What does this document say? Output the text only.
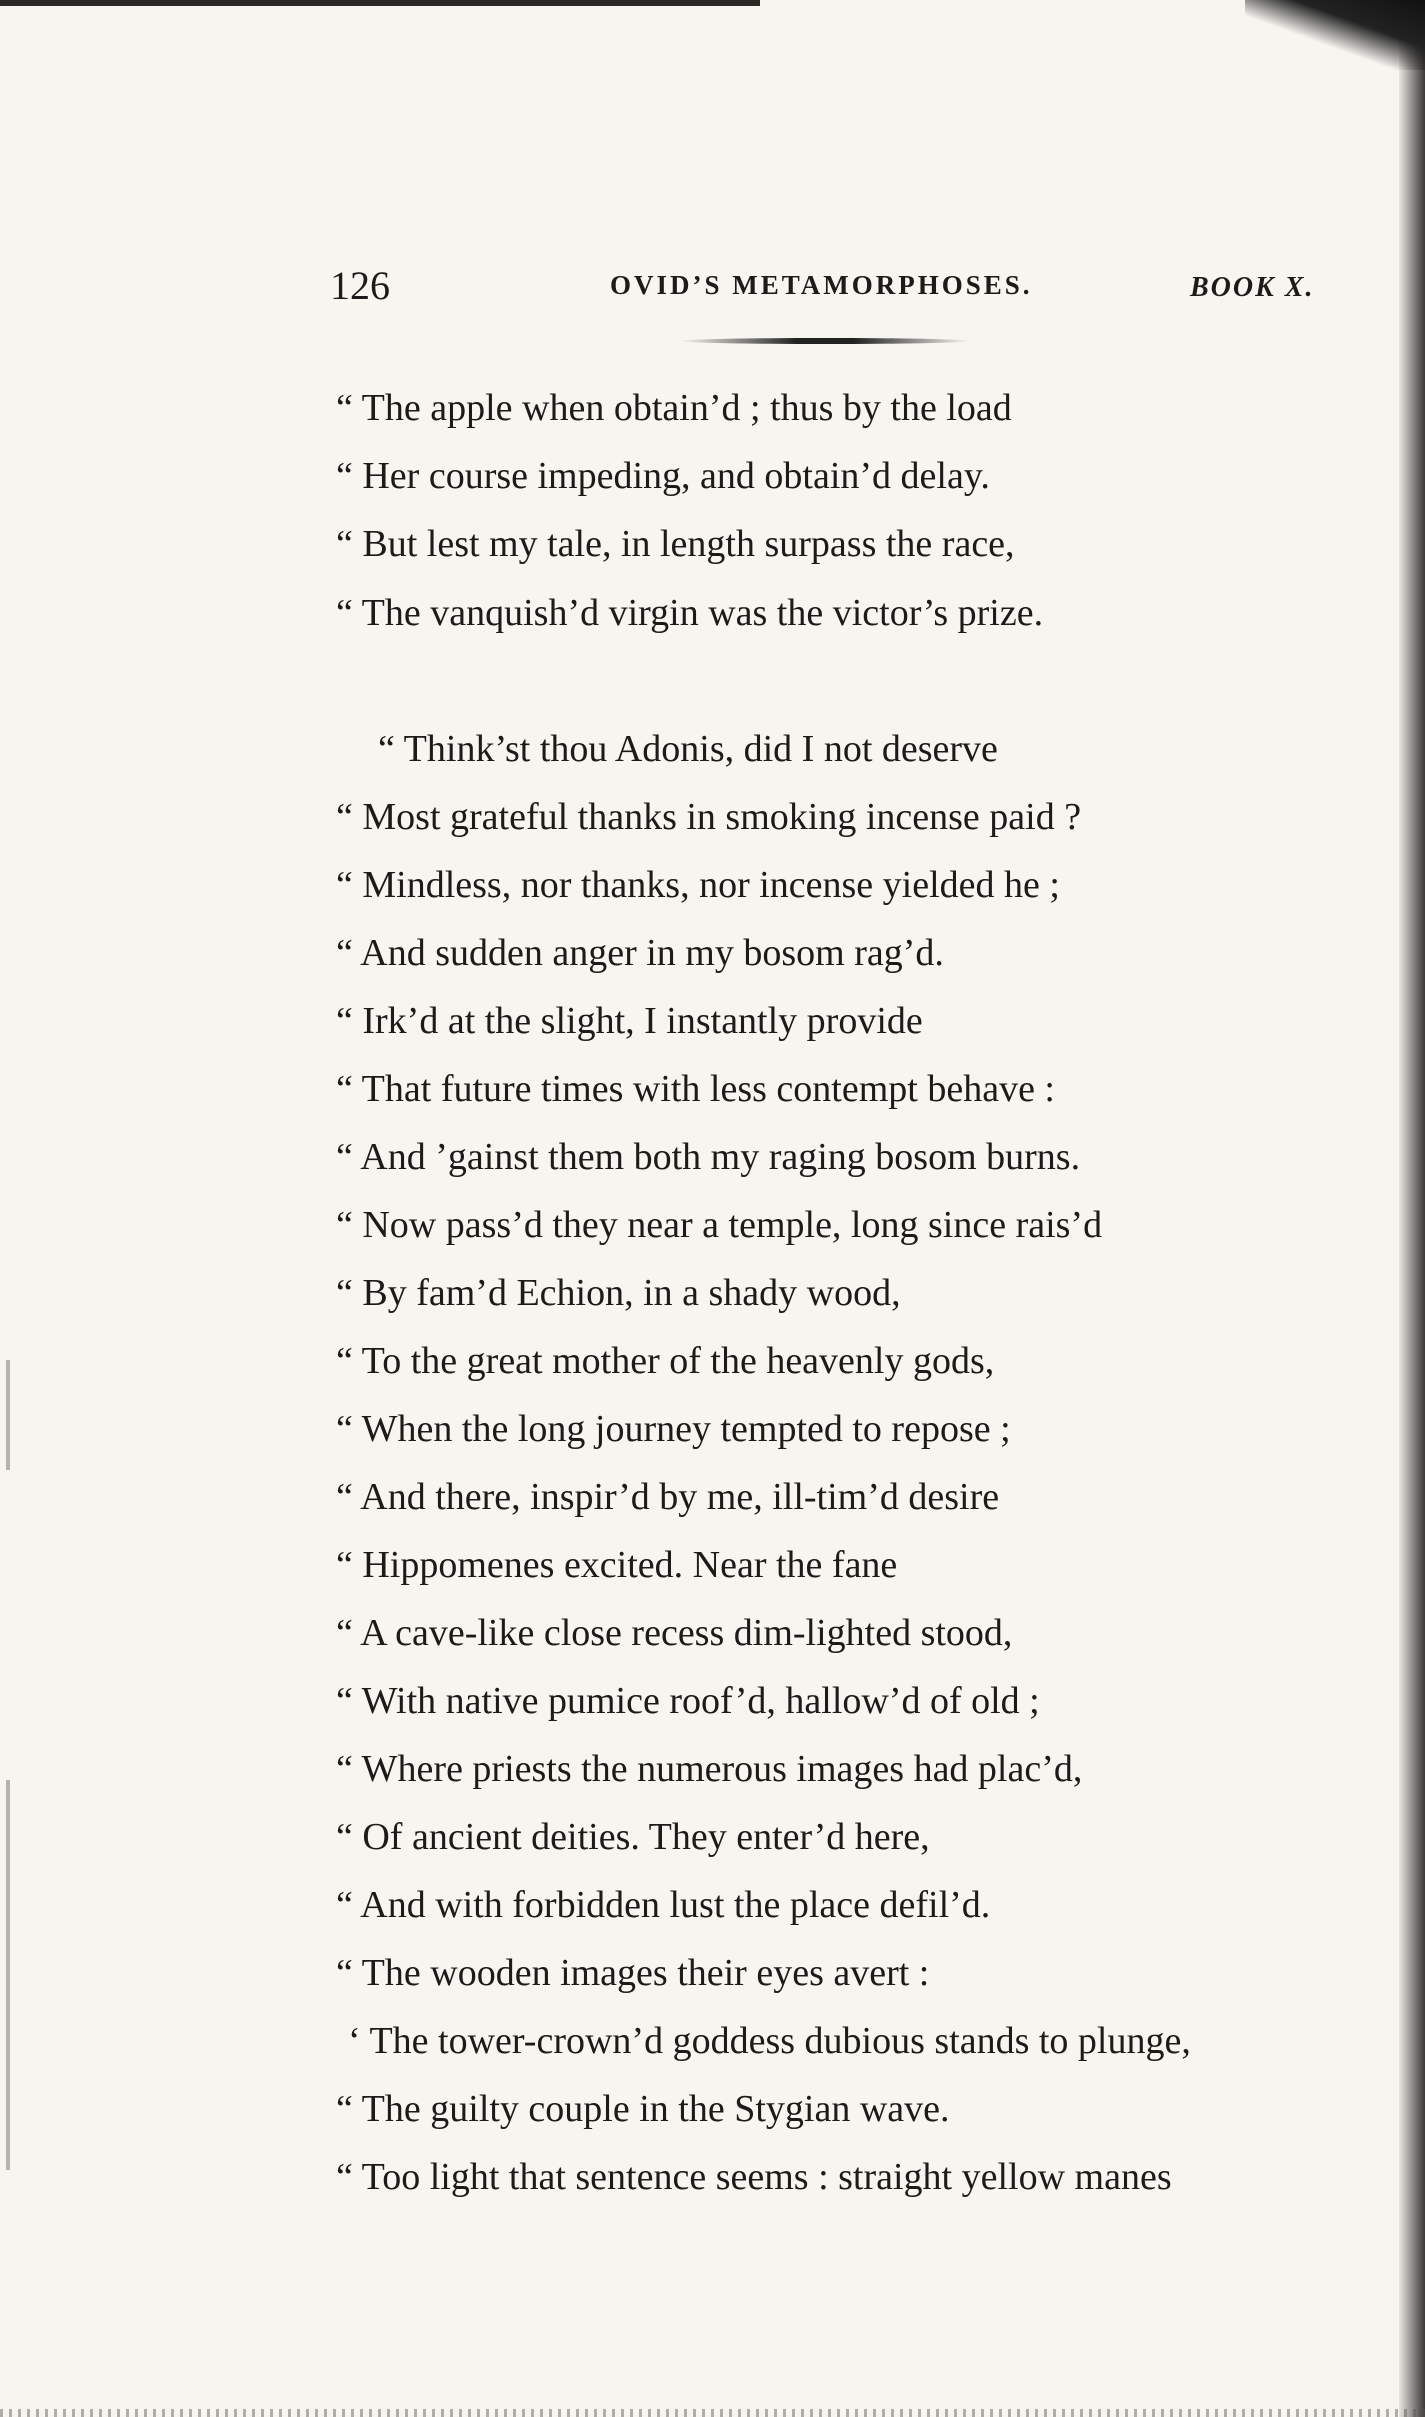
126	OVID’S METAMORPHOSES.	BOOK X.
“ The apple when obtain’d ; thus by the load
“ Her course impeding, and obtain’d delay.
“ But lest my tale, in length surpass the race,
“ The vanquish’d virgin was the victor’s prize.
“ Think’st thou Adonis, did I not deserve
“ Most grateful thanks in smoking incense paid ?
“ Mindless, nor thanks, nor incense yielded he ;
“ And sudden anger in my bosom rag’d.
“ Irk’d at the slight, I instantly provide
“ That future times with less contempt behave :
“ And ’gainst them both my raging bosom burns.
“ Now pass’d they near a temple, long since rais’d
“ By fam’d Echion, in a shady wood,
“ To the great mother of the heavenly gods,
“ When the long journey tempted to repose ;
“ And there, inspir’d by me, ill-tim’d desire
“ Hippomenes excited. Near the fane
“ A cave-like close recess dim-lighted stood,
“ With native pumice roof’d, hallow’d of old ;
“ Where priests the numerous images had plac’d,
“ Of ancient deities. They enter’d here,
“ And with forbidden lust the place defil’d.
“ The wooden images their eyes avert :
‘ The tower-crown’d goddess dubious stands to plunge,
“ The guilty couple in the Stygian wave.
“ Too light that sentence seems : straight yellow manes
